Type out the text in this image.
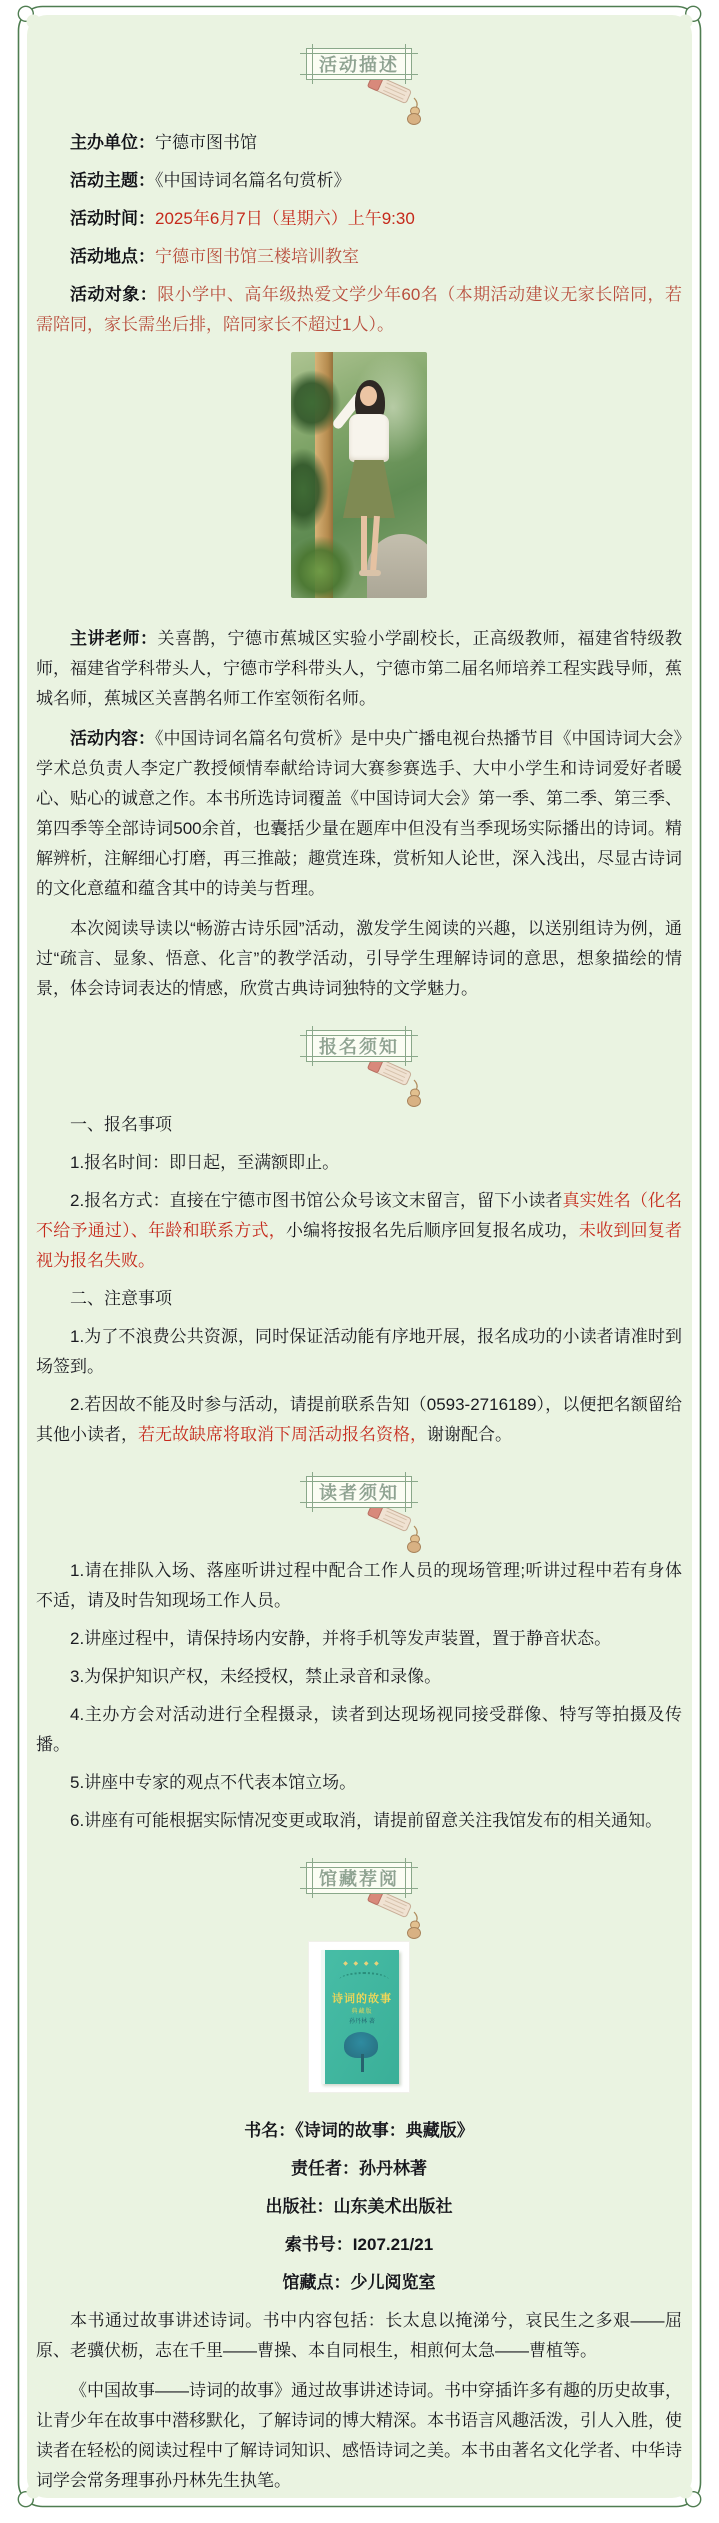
活动描述

主办单位：宁德市图书馆

活动主题：《中国诗词名篇名句赏析》

活动时间：2025年6月7日（星期六）上午9:30

活动地点：宁德市图书馆三楼培训教室

活动对象：限小学中、高年级热爱文学少年60名（本期活动建议无家长陪同，若需陪同，家长需坐后排，陪同家长不超过1人）。

主讲老师：关喜鹊，宁德市蕉城区实验小学副校长，正高级教师，福建省特级教师，福建省学科带头人，宁德市学科带头人，宁德市第二届名师培养工程实践导师，蕉城名师，蕉城区关喜鹊名师工作室领衔名师。

活动内容：《中国诗词名篇名句赏析》是中央广播电视台热播节目《中国诗词大会》学术总负责人李定广教授倾情奉献给诗词大赛参赛选手、大中小学生和诗词爱好者暖心、贴心的诚意之作。本书所选诗词覆盖《中国诗词大会》第一季、第二季、第三季、第四季等全部诗词500余首，也囊括少量在题库中但没有当季现场实际播出的诗词。精解辨析，注解细心打磨，再三推敲；趣赏连珠，赏析知人论世，深入浅出，尽显古诗词的文化意蕴和蕴含其中的诗美与哲理。

本次阅读导读以“畅游古诗乐园”活动，激发学生阅读的兴趣，以送别组诗为例，通过“疏言、显象、悟意、化言”的教学活动，引导学生理解诗词的意思，想象描绘的情景，体会诗词表达的情感，欣赏古典诗词独特的文学魅力。

报名须知

一、报名事项

1.报名时间：即日起，至满额即止。

2.报名方式：直接在宁德市图书馆公众号该文末留言，留下小读者真实姓名（化名不给予通过）、年龄和联系方式，小编将按报名先后顺序回复报名成功，未收到回复者视为报名失败。

二、注意事项

1.为了不浪费公共资源，同时保证活动能有序地开展，报名成功的小读者请准时到场签到。

2.若因故不能及时参与活动，请提前联系告知（0593-2716189），以便把名额留给其他小读者，若无故缺席将取消下周活动报名资格，谢谢配合。

读者须知

1.请在排队入场、落座听讲过程中配合工作人员的现场管理;听讲过程中若有身体不适，请及时告知现场工作人员。

2.讲座过程中，请保持场内安静，并将手机等发声装置，置于静音状态。

3.为保护知识产权，未经授权，禁止录音和录像。

4.主办方会对活动进行全程摄录，读者到达现场视同接受群像、特写等拍摄及传播。

5.讲座中专家的观点不代表本馆立场。

6.讲座有可能根据实际情况变更或取消，请提前留意关注我馆发布的相关通知。

馆藏荐阅
◆ ◆ ◆ ◆
诗词的故事
典藏版
孙丹林 著

书名：《诗词的故事：典藏版》

责任者：孙丹林著

出版社：山东美术出版社

索书号：I207.21/21

馆藏点：少儿阅览室

本书通过故事讲述诗词。书中内容包括：长太息以掩涕兮，哀民生之多艰——屈原、老骥伏枥，志在千里——曹操、本自同根生，相煎何太急——曹植等。

《中国故事——诗词的故事》通过故事讲述诗词。书中穿插许多有趣的历史故事，让青少年在故事中潜移默化，了解诗词的博大精深。本书语言风趣活泼，引人入胜，使读者在轻松的阅读过程中了解诗词知识、感悟诗词之美。本书由著名文化学者、中华诗词学会常务理事孙丹林先生执笔。
